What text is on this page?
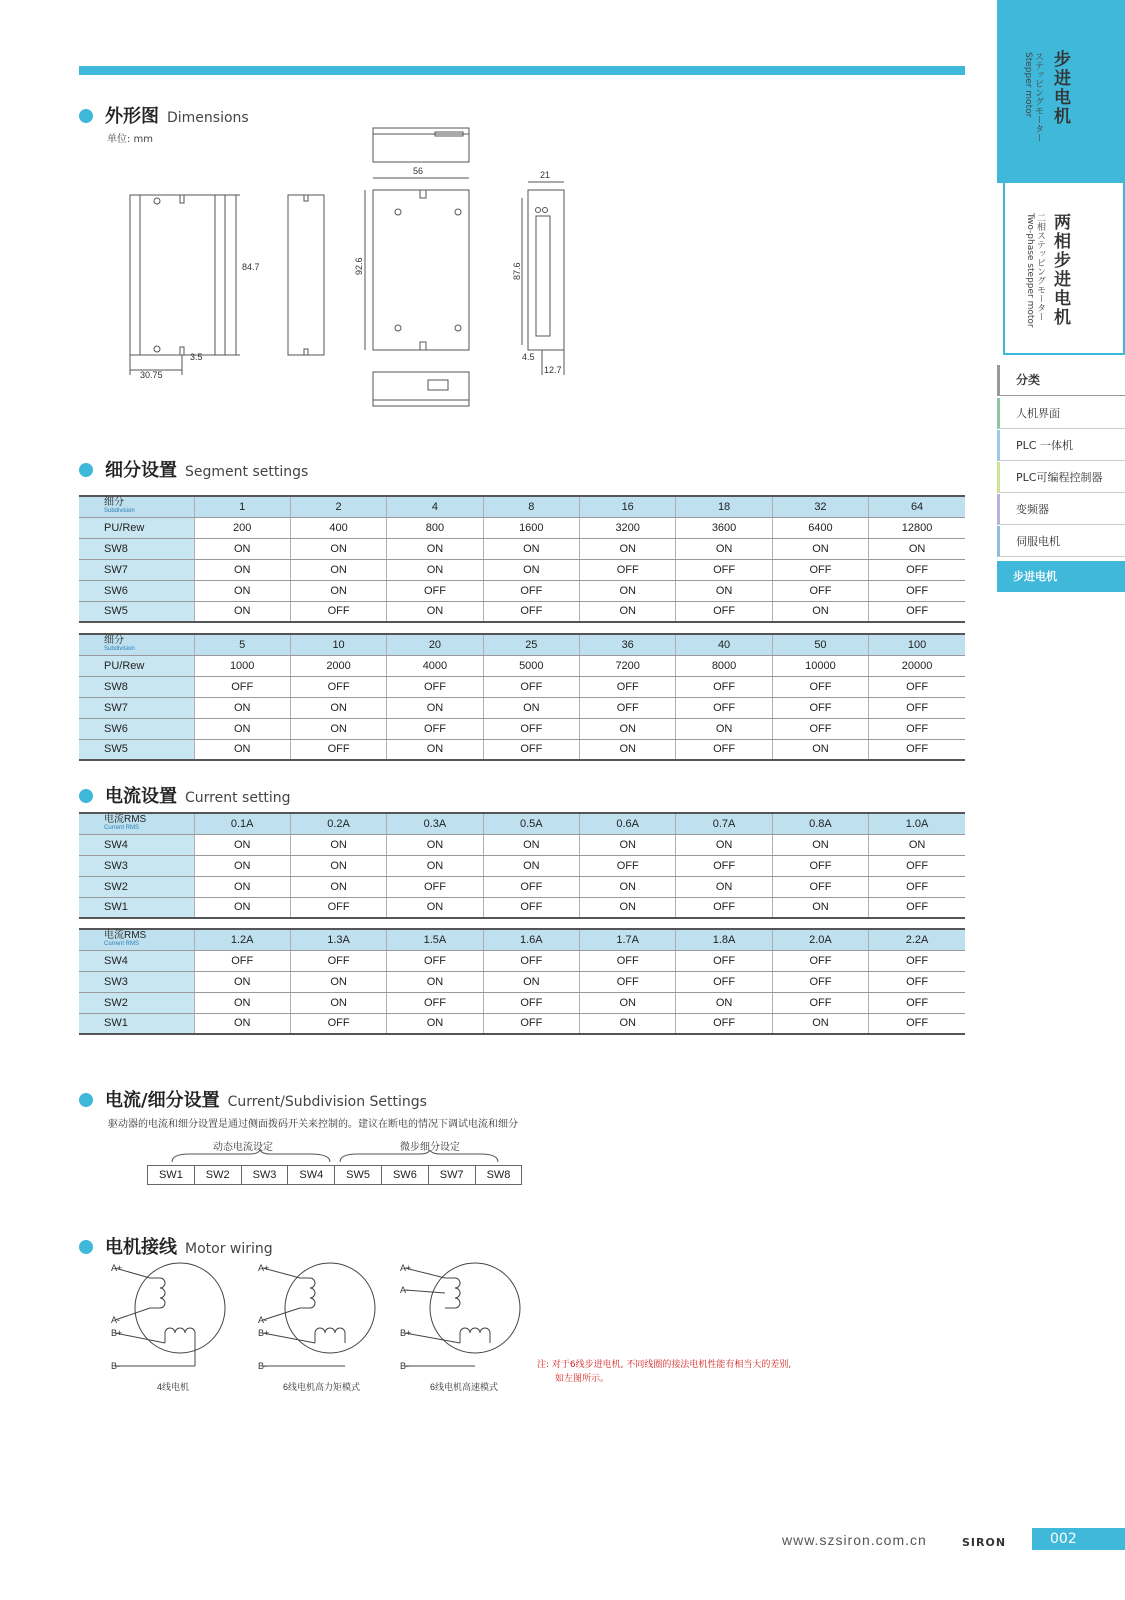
步进电机
ステッピングモーター
Stepper motor
两相步进电机
二相ステッピングモーター
Two-phase stepper motor
分类
人机界面
PLC 一体机
PLC可编程控制器
变频器
伺服电机
步进电机
外形图 Dimensions
单位: mm
84.7
3.5
30.75
56
92.6
21
87.6
4.5
12.7
细分设置 Segment settings
细分
Subdivision	1	2	4	8	16	18	32	64
PU/Rew	200	400	800	1600	3200	3600	6400	12800
SW8	ON	ON	ON	ON	ON	ON	ON	ON
SW7	ON	ON	ON	ON	OFF	OFF	OFF	OFF
SW6	ON	ON	OFF	OFF	ON	ON	OFF	OFF
SW5	ON	OFF	ON	OFF	ON	OFF	ON	OFF
细分
Subdivision	5	10	20	25	36	40	50	100
PU/Rew	1000	2000	4000	5000	7200	8000	10000	20000
SW8	OFF	OFF	OFF	OFF	OFF	OFF	OFF	OFF
SW7	ON	ON	ON	ON	OFF	OFF	OFF	OFF
SW6	ON	ON	OFF	OFF	ON	ON	OFF	OFF
SW5	ON	OFF	ON	OFF	ON	OFF	ON	OFF
电流设置 Current setting
电流RMS
Current RMS	0.1A	0.2A	0.3A	0.5A	0.6A	0.7A	0.8A	1.0A
SW4	ON	ON	ON	ON	ON	ON	ON	ON
SW3	ON	ON	ON	ON	OFF	OFF	OFF	OFF
SW2	ON	ON	OFF	OFF	ON	ON	OFF	OFF
SW1	ON	OFF	ON	OFF	ON	OFF	ON	OFF
电流RMS
Current RMS	1.2A	1.3A	1.5A	1.6A	1.7A	1.8A	2.0A	2.2A
SW4	OFF	OFF	OFF	OFF	OFF	OFF	OFF	OFF
SW3	ON	ON	ON	ON	OFF	OFF	OFF	OFF
SW2	ON	ON	OFF	OFF	ON	ON	OFF	OFF
SW1	ON	OFF	ON	OFF	ON	OFF	ON	OFF
电流/细分设置 Current/Subdivision Settings
驱动器的电流和细分设置是通过侧面拨码开关来控制的。建议在断电的情况下调试电流和细分
动态电流设定	微步细分设定
SW1	SW2	SW3	SW4	SW5	SW6	SW7	SW8
电机接线 Motor wiring
A+
A-
B+
B-
4线电机
A+
A-
B+
B-
6线电机高力矩模式
A+
A-
B+
B-
6线电机高速模式
注: 对于6线步进电机, 不同线圈的接法电机性能有相当大的差别,
如左图所示。
www.szsiron.com.cn	SIRON	002
